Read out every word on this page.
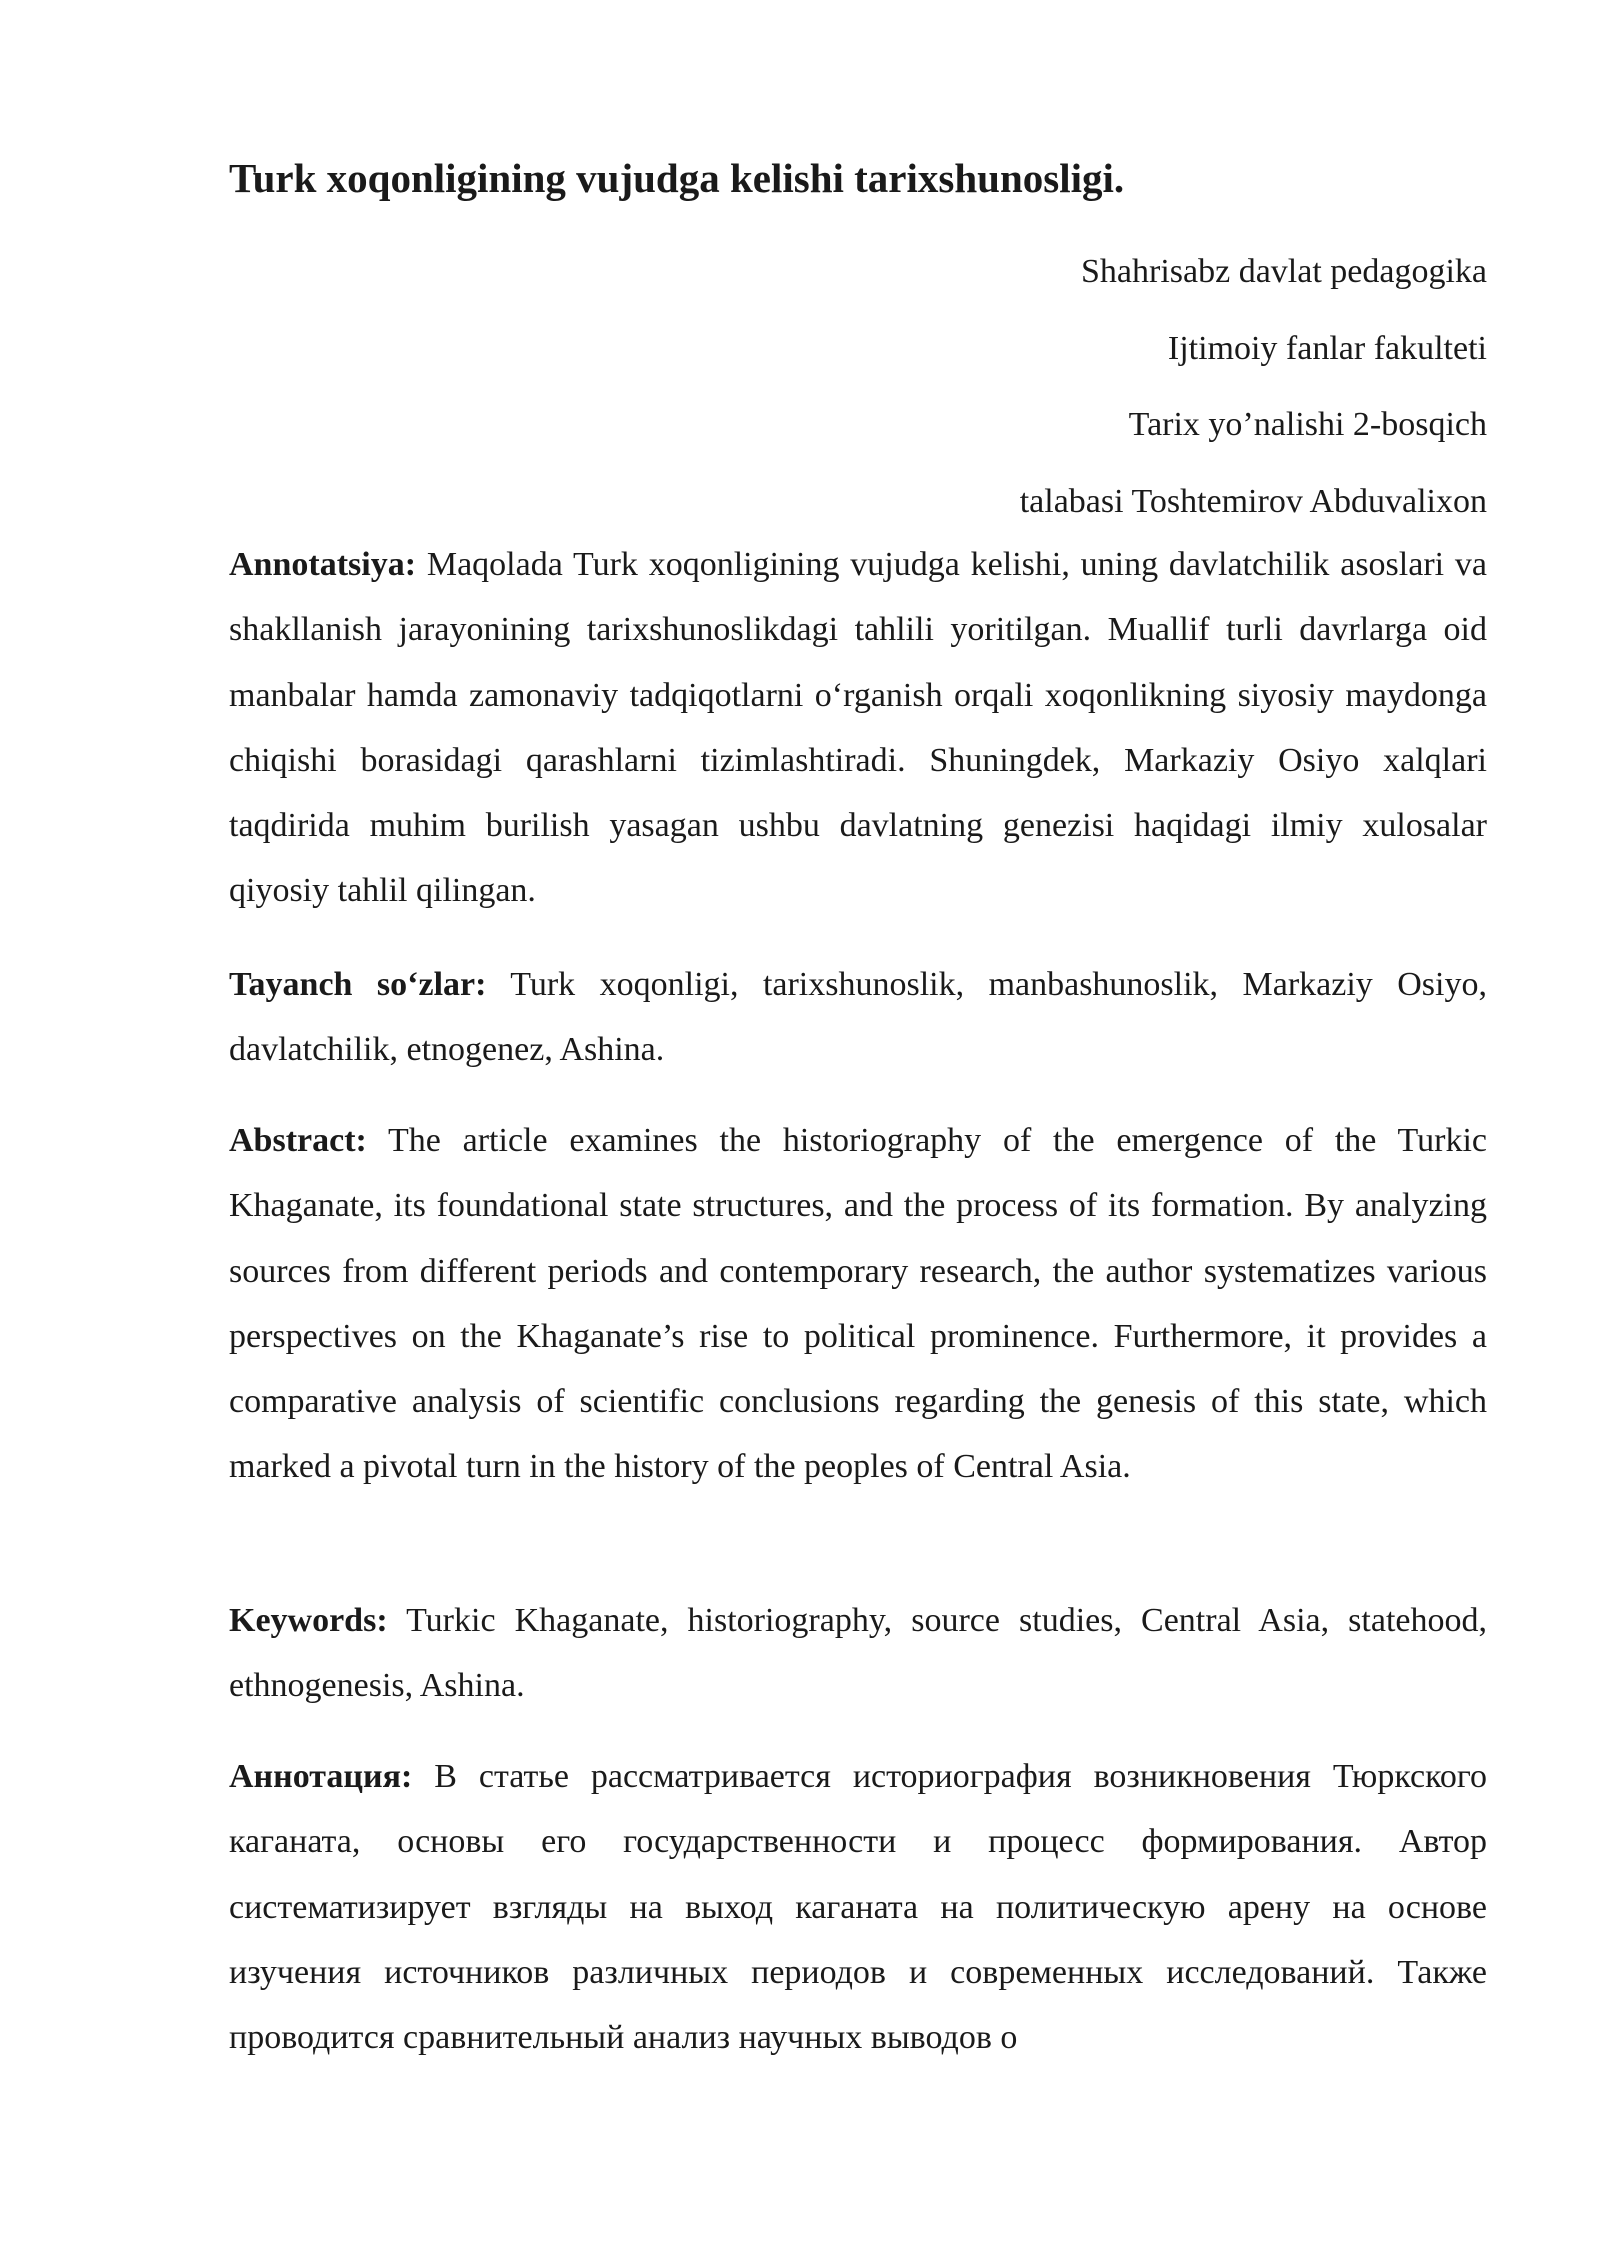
Turk xoqonligining vujudga kelishi tarixshunosligi.
Shahrisabz davlat pedagogika
Ijtimoiy fanlar fakulteti
Tarix yo’nalishi 2-bosqich
talabasi Toshtemirov Abduvalixon

Annotatsiya: Maqolada Turk xoqonligining vujudga kelishi, uning davlatchilik asoslari va shakllanish jarayonining tarixshunoslikdagi tahlili yoritilgan. Muallif turli davrlarga oid manbalar hamda zamonaviy tadqiqotlarni o‘rganish orqali xoqonlikning siyosiy maydonga chiqishi borasidagi qarashlarni tizimlashtiradi. Shuningdek, Markaziy Osiyo xalqlari taqdirida muhim burilish yasagan ushbu davlatning genezisi haqidagi ilmiy xulosalar qiyosiy tahlil qilingan.

Tayanch so‘zlar: Turk xoqonligi, tarixshunoslik, manbashunoslik, Markaziy Osiyo, davlatchilik, etnogenez, Ashina.

Abstract: The article examines the historiography of the emergence of the Turkic Khaganate, its foundational state structures, and the process of its formation. By analyzing sources from different periods and contemporary research, the author systematizes various perspectives on the Khaganate’s rise to political prominence. Furthermore, it provides a comparative analysis of scientific conclusions regarding the genesis of this state, which marked a pivotal turn in the history of the peoples of Central Asia.

Keywords: Turkic Khaganate, historiography, source studies, Central Asia, statehood, ethnogenesis, Ashina.

Аннотация: В статье рассматривается историография возникновения Тюркского каганата, основы его государственности и процесс формирования. Автор систематизирует взгляды на выход каганата на политическую арену на основе изучения источников различных периодов и современных исследований. Также проводится сравнительный анализ научных выводов о
